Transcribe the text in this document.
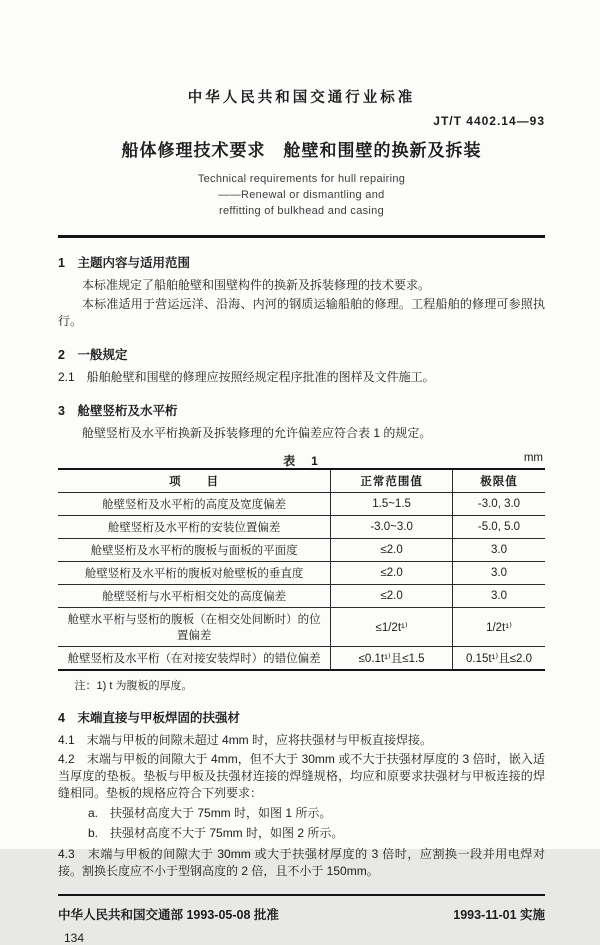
中华人民共和国交通行业标准
JT/T 4402.14—93
船体修理技术要求　舱壁和围壁的换新及拆装
Technical requirements for hull repairing
——Renewal or dismantling and
reffitting of bulkhead and casing
1　主题内容与适用范围

本标准规定了船舶舱壁和围壁构件的换新及拆装修理的技术要求。

本标准适用于营运远洋、沿海、内河的钢质运输船舶的修理。工程船舶的修理可参照执行。

2　一般规定

2.1　船舶舱壁和围壁的修理应按照经规定程序批准的图样及文件施工。

3　舱壁竖桁及水平桁

舱壁竖桁及水平桁换新及拆装修理的允许偏差应符合表 1 的规定。

表　1	mm
项　　目	正常范围值	极限值
舱壁竖桁及水平桁的高度及宽度偏差	1.5~1.5	-3.0, 3.0
舱壁竖桁及水平桁的安装位置偏差	-3.0~3.0	-5.0, 5.0
舱壁竖桁及水平桁的腹板与面板的平面度	≤2.0	3.0
舱壁竖桁及水平桁的腹板对舱壁板的垂直度	≤2.0	3.0
舱壁竖桁与水平桁相交处的高度偏差	≤2.0	3.0
舱壁水平桁与竖桁的腹板（在相交处间断时）的位置偏差	≤1/2t¹⁾	1/2t¹⁾
舱壁竖桁及水平桁（在对接安装焊时）的错位偏差	≤0.1t¹⁾且≤1.5	0.15t¹⁾且≤2.0
注：1) t 为腹板的厚度。
4　末端直接与甲板焊固的扶强材

4.1　末端与甲板的间隙未超过 4mm 时，应将扶强材与甲板直接焊接。

4.2　末端与甲板的间隙大于 4mm，但不大于 30mm 或不大于扶强材厚度的 3 倍时，嵌入适当厚度的垫板。垫板与甲板及扶强材连接的焊缝规格，均应和原要求扶强材与甲板连接的焊缝相同。垫板的规格应符合下列要求：

a.　扶强材高度大于 75mm 时，如图 1 所示。

b.　扶强材高度不大于 75mm 时，如图 2 所示。

4.3　末端与甲板的间隙大于 30mm 或大于扶强材厚度的 3 倍时，应割换一段并用电焊对接。割换长度应不小于型钢高度的 2 倍，且不小于 150mm。

中华人民共和国交通部 1993-05-08 批准	1993-11-01 实施
134
